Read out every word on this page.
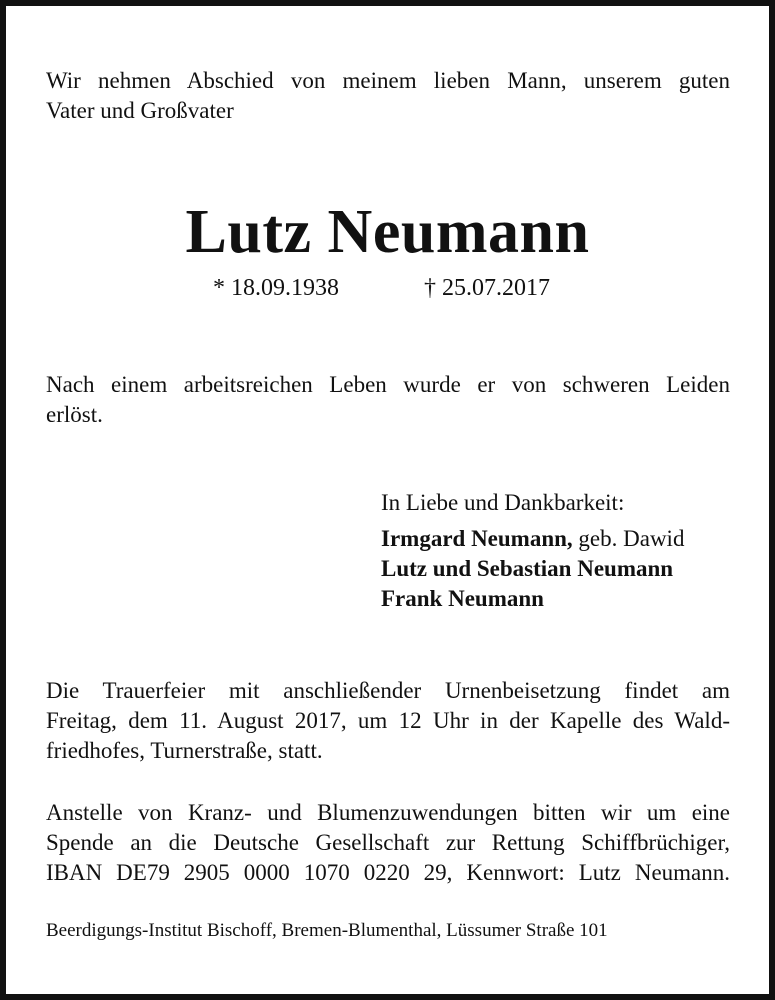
Wir nehmen Abschied von meinem lieben Mann, unserem guten
Vater und Großvater
Lutz Neumann
* 18.09.1938	† 25.07.2017
Nach einem arbeitsreichen Leben wurde er von schweren Leiden
erlöst.
In Liebe und Dankbarkeit:
Irmgard Neumann, geb. Dawid
Lutz und Sebastian Neumann
Frank Neumann
Die Trauerfeier mit anschließender Urnenbeisetzung findet am
Freitag, dem 11. August 2017, um 12 Uhr in der Kapelle des Wald-
friedhofes, Turnerstraße, statt.
Anstelle von Kranz- und Blumenzuwendungen bitten wir um eine
Spende an die Deutsche Gesellschaft zur Rettung Schiffbrüchiger,
IBAN DE79 2905 0000 1070 0220 29, Kennwort: Lutz Neumann.
Beerdigungs-Institut Bischoff, Bremen-Blumenthal, Lüssumer Straße 101
